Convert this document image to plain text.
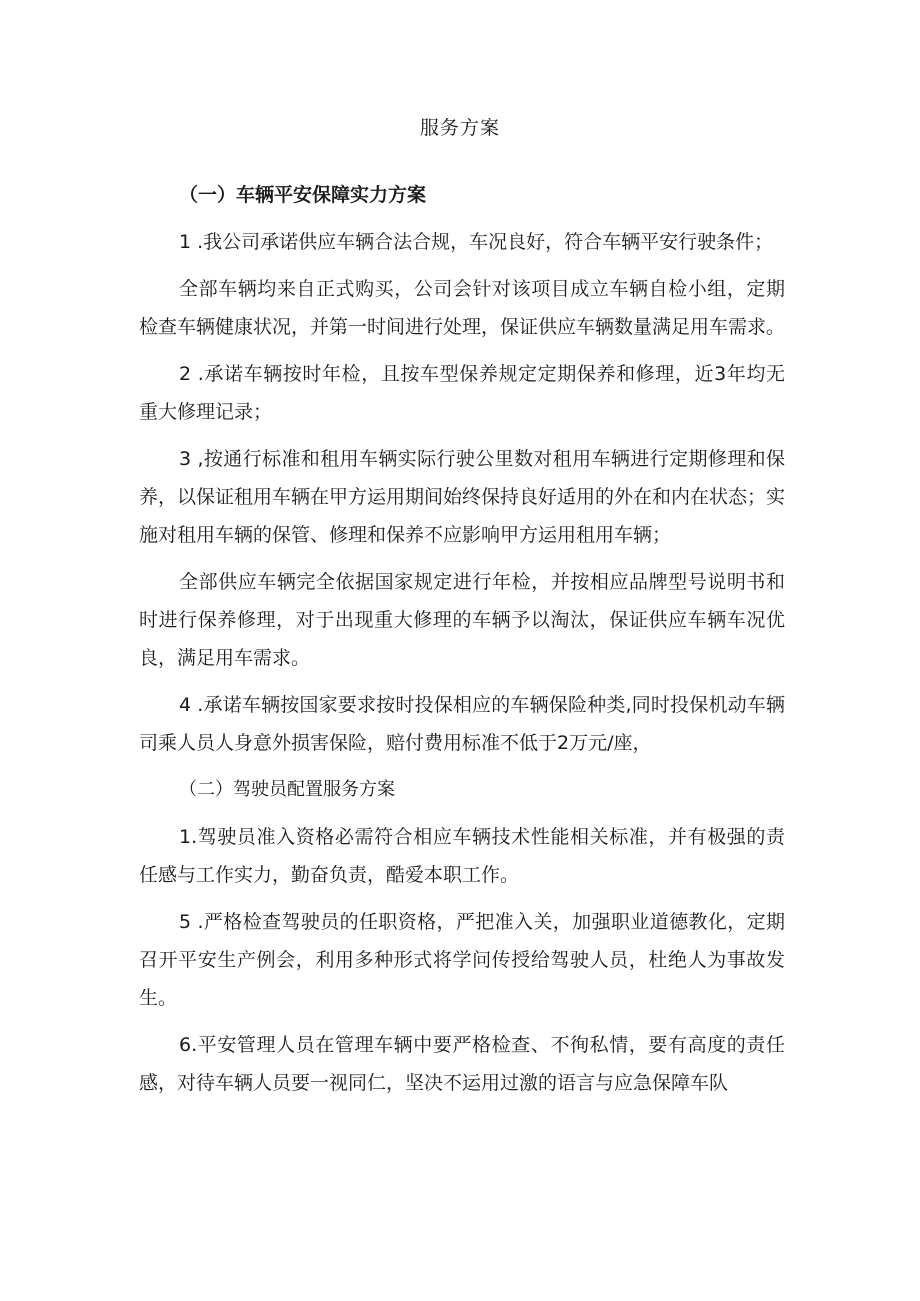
服务方案
（一）车辆平安保障实力方案

1 .我公司承诺供应车辆合法合规，车况良好，符合车辆平安行驶条件；

全部车辆均来自正式购买，公司会针对该项目成立车辆自检小组，定期检查车辆健康状况，并第一时间进行处理，保证供应车辆数量满足用车需求。

2 .承诺车辆按时年检，且按车型保养规定定期保养和修理，近3年均无重大修理记录；

3 ,按通行标准和租用车辆实际行驶公里数对租用车辆进行定期修理和保养，以保证租用车辆在甲方运用期间始终保持良好适用的外在和内在状态；实施对租用车辆的保管、修理和保养不应影响甲方运用租用车辆；

全部供应车辆完全依据国家规定进行年检，并按相应品牌型号说明书和时进行保养修理，对于出现重大修理的车辆予以淘汰，保证供应车辆车况优良，满足用车需求。

4 .承诺车辆按国家要求按时投保相应的车辆保险种类,同时投保机动车辆司乘人员人身意外损害保险，赔付费用标准不低于2万元/座，

（二）驾驶员配置服务方案

1.驾驶员准入资格必需符合相应车辆技术性能相关标准，并有极强的责任感与工作实力，勤奋负责，酷爱本职工作。

5 .严格检查驾驶员的任职资格，严把准入关，加强职业道德教化，定期召开平安生产例会，利用多种形式将学问传授给驾驶人员，杜绝人为事故发生。

6.平安管理人员在管理车辆中要严格检查、不徇私情，要有高度的责任感，对待车辆人员要一视同仁，坚决不运用过激的语言与应急保障车队
